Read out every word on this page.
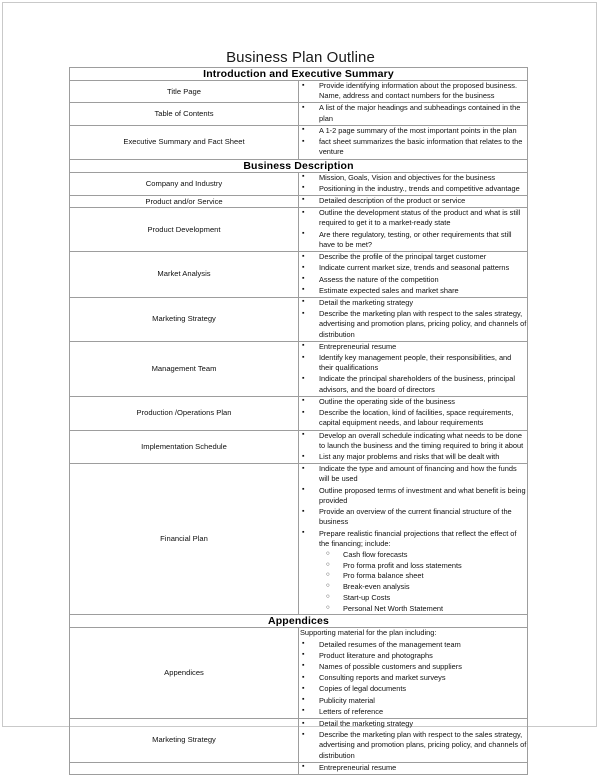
Business Plan Outline
Introduction and Executive Summary	
Title Page	
▪ Provide identifying information about the proposed business. Name, address and contact numbers for the business

Table of Contents	
▪ A list of the major headings and subheadings contained in the plan

Executive Summary and Fact Sheet	
▪ A 1-2 page summary of the most important points in the plan
▪ fact sheet summarizes the basic information that relates to the venture

Business Description	
Company and Industry	
▪ Mission, Goals, Vision and objectives for the business
▪ Positioning in the industry., trends and competitive advantage

Product and/or Service	
▪Detailed description of the product or service

Product Development	
▪ Outline the development status of the product and what is still required to get it to a market-ready state
▪ Are there regulatory, testing, or other requirements that still have to be met?

Market Analysis	
▪ Describe the profile of the principal target customer
▪ Indicate current market size, trends and seasonal patterns
▪ Assess the nature of the competition
▪ Estimate expected sales and market share

Marketing Strategy	
▪ Detail the marketing strategy
▪ Describe the marketing plan with respect to the sales strategy, advertising and promotion plans, pricing policy, and channels of distribution

Management Team	
▪ Entrepreneurial resume
▪ Identify key management people, their responsibilities, and their qualifications
▪ Indicate the principal shareholders of the business, principal advisors, and the board of directors

Production /Operations Plan	
▪ Outline the operating side of the business
▪ Describe the location, kind of facilities, space requirements, capital equipment needs, and labour requirements

Implementation Schedule	
▪ Develop an overall schedule indicating what needs to be done to launch the business and the timing required to bring it about
▪ List any major problems and risks that will be dealt with

Financial Plan	
▪ Indicate the type and amount of financing and how the funds will be used
▪ Outline proposed terms of investment and what benefit is being provided
▪ Provide an overview of the current financial structure of the business
▪ Prepare realistic financial projections that reflect the effect of the financing; include:
○ Cash flow forecasts
○ Pro forma profit and loss statements
○ Pro forma balance sheet
○ Break-even analysis
○ Start-up Costs
○ Personal Net Worth Statement

Appendices	
Appendices	
Supporting material for the plan including:
▪ Detailed resumes of the management team
▪ Product literature and photographs
▪ Names of possible customers and suppliers
▪ Consulting reports and market surveys
▪ Copies of legal documents
▪ Publicity material
▪ Letters of reference

Marketing Strategy	
▪ Detail the marketing strategy
▪ Describe the marketing plan with respect to the sales strategy, advertising and promotion plans, pricing policy, and channels of distribution

▪ Entrepreneurial resume
